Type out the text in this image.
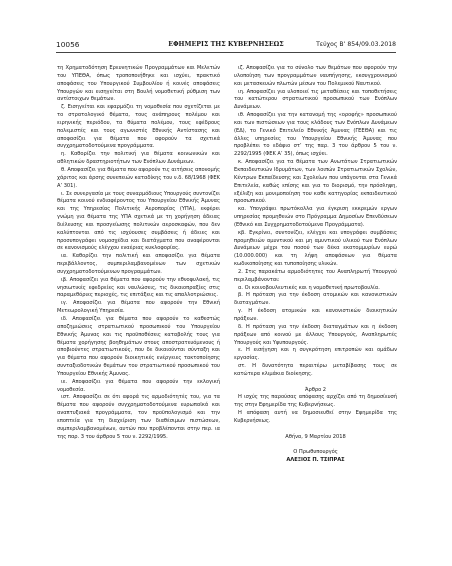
10056	ΕΦΗΜΕΡΙΣ ΤΗΣ ΚΥΒΕΡΝΗΣΕΩΣ	Τεύχος Β’ 854/09.03.2018

τη Χρηματοδότηση Ερευνητικών Προγραμμάτων και Μελετών του ΥΠΕΘΑ, όπως τροποποιήθηκε και ισχύει, πρακτικό αποφάσεις του Υπουργικού Συμβουλίου ή κοινές αποφάσεις Υπουργών και εισηγείται στη Βουλή νομοθετική ρύθμιση των αντίστοιχων θεμάτων.

ζ. Εισηγείται και εφαρμόζει τη νομοθεσία που σχετίζεται με το στρατολογικό θέματα, τους ανάπηρους πολέμου και ειρηνικής περιόδου, τα θύματα πολέμου, τους εφέδρους πολεμιστές και τους αγωνιστές Εθνικής Αντίστασης και αποφασίζει για θέματα που αφορούν τα σχετικά συγχρηματοδοτούμενα προγράμματα.

η. Καθορίζει την πολιτική για θέματα κοινωνικών και αθλητικών δραστηριοτήτων των Ενόπλων Δυνάμεων.

θ. Αποφασίζει για θέματα που αφορούν τις αιτήσεις απονομής χάριτος και άρσης συνεπειών καταδίκης του ν.δ. 68/1968 (ΦΕΚ Α’ 301).

ι. Σε συνεργασία με τους συναρμόδιους Υπουργούς συντονίζει θέματα κοινού ενδιαφέροντος του Υπουργείου Εθνικής Άμυνας και της Υπηρεσίας Πολιτικής Αεροπορίας (ΥΠΑ), εκφέρει γνώμη για θέματα της ΥΠΑ σχετικά με τη χορήγηση άδειας διέλευσης και προσγείωσης πολιτικών αεροσκαφών, που δεν καλύπτονται από τις ισχύουσες συμβάσεις ή άδειες και προσυπογράφει νομοσχέδια και διατάγματα που αναφέρονται σε κανονισμούς ελέγχου εναέριας κυκλοφορίας.

ια. Καθορίζει την πολιτική και αποφασίζει για θέματα περιβάλλοντος, συμπεριλαμβανομένων των σχετικών συγχρηματοδοτούμενων προγραμμάτων.

ιβ. Αποφασίζει για θέματα που αφορούν την εθνοφυλακή, τις νησιωτικές εφεδρείες και ναυλώσεις, τις δικαιοπραξίες στις παραμεθόριες περιοχές, τις επιτάξεις και τις απαλλοτριώσεις.

ιγ. Αποφασίζει για θέματα που αφορούν την Εθνική Μετεωρολογική Υπηρεσία.

ιδ. Αποφασίζει για θέματα που αφορούν το καθεστώς αποζημιώσεις στρατιωτικού προσωπικού του Υπουργείου Εθνικής Άμυνας και τις προϋποθέσεις καταβολής τους για θέματα χορήγησης βοηθημάτων στους αποστρατευόμενους ή αποβιούντες στρατιωτικούς, που δε δικαιούνται σύνταξη και για θέματα που αφορούν διοικητικές ενέργειες τακτοποίησης συνταξιοδοτικών θεμάτων του στρατιωτικού προσωπικού του Υπουργείου Εθνικής Άμυνας.

ιε. Αποφασίζει για θέματα που αφορούν την εκλογική νομοθεσία.

ιστ. Αποφασίζει σε ότι αφορά τις αρμοδιότητές του, για τα θέματα που αφορούν συγχρηματοδοτούμενα ευρωπαϊκά και αναπτυξιακά προγράμματα, τον προϋπολογισμό και την εποπτεία για τη διαχείριση των διαθέσιμων πιστώσεων, συμπεριλαμβανομένων, αυτών που προβλέπονται στην περ. ια της παρ. 3 του άρθρου 5 του ν. 2292/1995.

ιζ. Αποφασίζει για το σύνολο των θεμάτων που αφορούν την υλοποίηση των προγραμμάτων ναυπήγησης, εκσυγχρονισμού και μετασκευών πλωτών μέσων του Πολεμικού Ναυτικού.

ιη. Αποφασίζει για υλοποιεί τις μεταθέσεις και τοποθετήσεις του κατώτερου στρατιωτικού προσωπικού των Ενόπλων Δυνάμεων.

ιθ. Αποφασίζει για την κατανομή της «οροφής» προσωπικού και των πιστώσεων για τους κλάδους των Ενόπλων Δυνάμεων (ΕΔ), το Γενικό Επιτελείο Εθνικής Άμυνας (ΓΕΕΘΑ) και τις άλλες υπηρεσίες του Υπουργείου Εθνικής Άμυνας που προβλέπει το εδάφιο στ’ της παρ. 3 του άρθρου 5 του ν. 2292/1995 (ΦΕΚ Α’ 35), όπως ισχύει.

κ. Αποφασίζει για τα θέματα των Ανωτάτων Στρατιωτικών Εκπαιδευτικών Ιδρυμάτων, των λοιπών Στρατιωτικών Σχολών, Κέντρων Εκπαίδευσης και Σχολείων που υπάγονται στα Γενικά Επιτελεία, καθώς επίσης και για το διορισμό, την πρόσληψη, εξέλιξη και μονιμοποίηση του καθε κατηγορίας εκπαιδευτικού προσωπικού.

κα. Υπογράφει πρωτόκολλα για έγκριση εκκρεμών εργων υπηρεσίας προμηθειών στο Πρόγραμμα Δημοσίων Επενδύσεων (Εθνικό και Συγχρηματοδοτούμενα Προγράμματα).

κβ. Εγκρίνει, συντονίζει, ελέγχει και υπογράφει συμβάσεις προμηθειών αμυντικού και μη αμυντικού υλικού των Ενόπλων Δυνάμεων μέχρι του ποσού των δέκα εκατομμυρίων ευρώ (10.000.000) και τη λήψη αποφάσεων για θέματα κωδικοποίησης και τυποποίησης υλικών.

2. Στις παρακάτω αρμοδιότητες του Αναπληρωτή Υπουργού περιλαμβάνονται:

α. Οι κοινοβουλευτικές και η νομοθετική πρωτοβουλία.

β. Η πρόταση για την έκδοση ατομικών και κανονιστικών διαταγμάτων.

γ. Η έκδοση ατομικών και κανονιστικών διοικητικών πράξεων.

δ. Η πρόταση για την έκδοση διαταγμάτων και η έκδοση πράξεων από κοινού με άλλους Υπουργούς, Αναπληρωτές Υπουργούς και Υφυπουργούς.

ε. Η εισήγηση και η συγκρότηση επιτροπών και ομάδων εργασίας.

στ. Η δυνατότητα περαιτέρω μεταβίβασης τους σε κατώτερα κλιμάκια διοίκησης.

Άρθρο 2

Η ισχύς της παρούσας απόφασης αρχίζει από τη δημοσίευσή της στην Εφημερίδα της Κυβερνήσεως.

Η απόφαση αυτή να δημοσιευθεί στην Εφημερίδα της Κυβερνήσεως.

Αθήνα, 9 Μαρτίου 2018

Ο Πρωθυπουργός

ΑΛΕΞΙΟΣ Π. ΤΣΙΠΡΑΣ
